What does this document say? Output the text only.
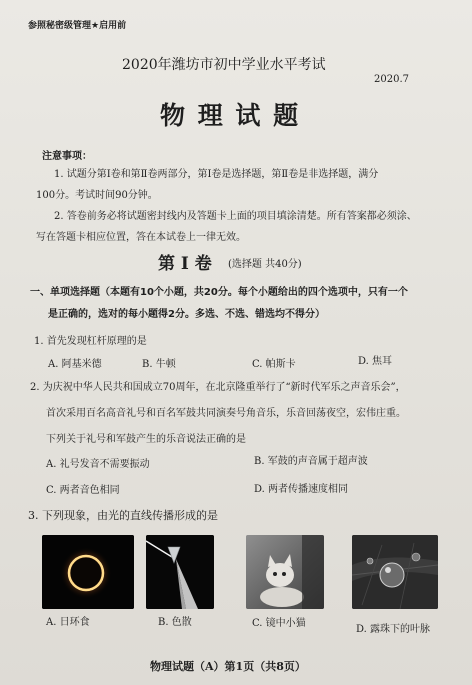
参照秘密级管理★启用前
2020年潍坊市初中学业水平考试
2020.7
物 理 试 题
注意事项：
1. 试题分第Ⅰ卷和第Ⅱ卷两部分，第Ⅰ卷是选择题，第Ⅱ卷是非选择题，满分
100分。考试时间90分钟。
2. 答卷前务必将试题密封线内及答题卡上面的项目填涂清楚。所有答案都必须涂、
写在答题卡相应位置，答在本试卷上一律无效。
第 Ⅰ 卷 (选择题 共40分)
一、单项选择题（本题有10个小题，共20分。每个小题给出的四个选项中，只有一个
是正确的，选对的每小题得2分。多选、不选、错选均不得分）
1. 首先发现杠杆原理的是
A. 阿基米德	B. 牛顿	C. 帕斯卡	D. 焦耳
2. 为庆祝中华人民共和国成立70周年，在北京隆重举行了“新时代军乐之声音乐会”，
首次采用百名高音礼号和百名军鼓共同演奏号角音乐，乐音回荡夜空，宏伟庄重。
下列关于礼号和军鼓产生的乐音说法正确的是
A. 礼号发音不需要振动	B. 军鼓的声音属于超声波
C. 两者音色相同	D. 两者传播速度相同
3. 下列现象，由光的直线传播形成的是
A. 日环食	B. 色散	C. 镜中小猫
D. 露珠下的叶脉
物理试题（A）第1页（共8页）
